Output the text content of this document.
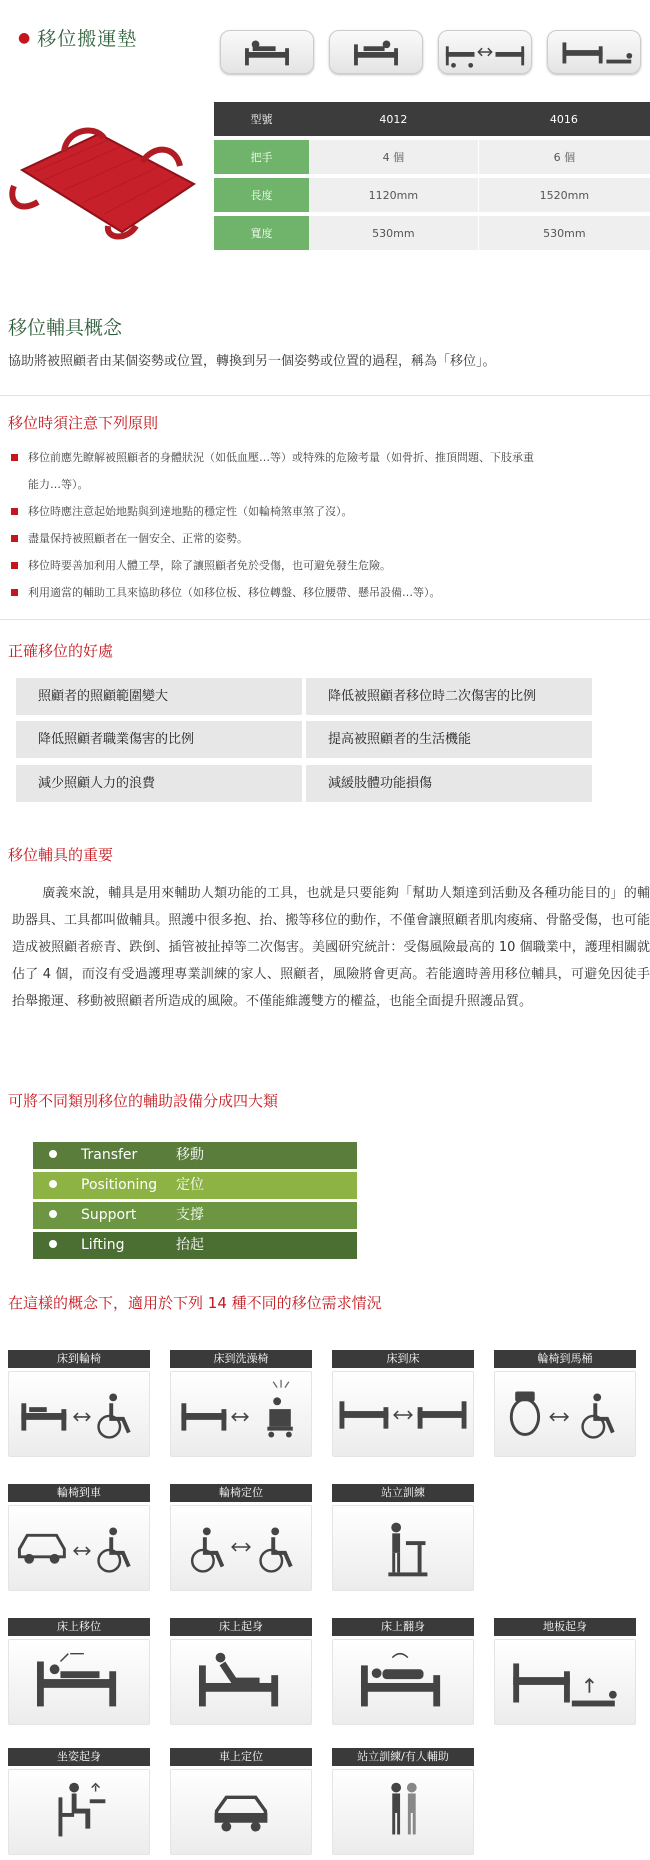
● 移位搬運墊
型號	4012	4016
把手	4 個	6 個
長度	1120mm	1520mm
寬度	530mm	530mm
移位輔具概念
協助將被照顧者由某個姿勢或位置，轉換到另一個姿勢或位置的過程，稱為「移位」。
移位時須注意下列原則
移位前應先瞭解被照顧者的身體狀況（如低血壓…等）或特殊的危險考量（如骨折、推頂問題、下肢承重
能力…等）。
移位時應注意起始地點與到達地點的穩定性（如輪椅煞車煞了沒）。
盡量保持被照顧者在一個安全、正常的姿勢。
移位時要善加利用人體工學，除了讓照顧者免於受傷，也可避免發生危險。
利用適當的輔助工具來協助移位（如移位板、移位轉盤、移位腰帶、懸吊設備…等）。
正確移位的好處
照顧者的照顧範圍變大	降低被照顧者移位時二次傷害的比例
降低照顧者職業傷害的比例	提高被照顧者的生活機能
減少照顧人力的浪費	減緩肢體功能損傷
移位輔具的重要
廣義來說，輔具是用來輔助人類功能的工具，也就是只要能夠「幫助人類達到活動及各種功能目的」的輔助器具、工具都叫做輔具。照護中很多抱、抬、搬等移位的動作，不僅會讓照顧者肌肉痠痛、骨骼受傷，也可能造成被照顧者瘀青、跌倒、插管被扯掉等二次傷害。美國研究統計：受傷風險最高的 10 個職業中，護理相關就佔了 4 個，而沒有受過護理專業訓練的家人、照顧者，風險將會更高。若能適時善用移位輔具，可避免因徒手抬舉搬運、移動被照顧者所造成的風險。不僅能維護雙方的權益，也能全面提升照護品質。
可將不同類別移位的輔助設備分成四大類
Transfer	移動
Positioning 定位
Support	支撐
Lifting	抬起
在這樣的概念下，適用於下列 14 種不同的移位需求情況
床到輪椅	床到洗澡椅	床到床	輪椅到馬桶
輪椅到車	輪椅定位	站立訓練
床上移位	床上起身	床上翻身	地板起身
坐姿起身	車上定位	站立訓練/有人輔助
